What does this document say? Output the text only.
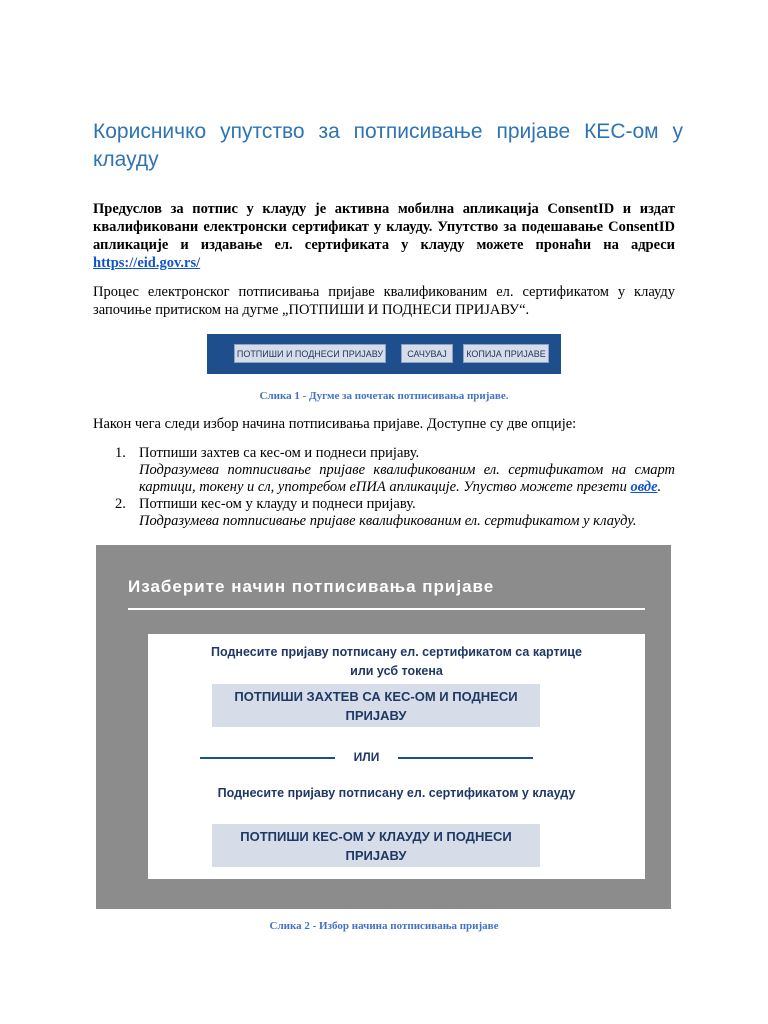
Корисничко упутство за потписивање пријаве КЕС-ом у
клауду

Предуслов за потпис у клауду је активна мобилна апликација ConsentID и издат квалификовани електронски сертификат у клауду. Упутство за подешавање ConsentID апликације и издавање ел. сертификата у клауду можете пронаћи на адреси https://eid.gov.rs/

Процес електронског потписивања пријаве квалификованим ел. сертификатом у клауду започиње притиском на дугме „ПОТПИШИ И ПОДНЕСИ ПРИЈАВУ“.

ПОТПИШИ И ПОДНЕСИ ПРИЈАВУ	САЧУВАЈ	КОПИЈА ПРИЈАВЕ

Слика 1 - Дугме за почетак потписивања пријаве.

Након чега следи избор начина потписивања пријаве. Доступне су две опције:

1. Потпиши захтев са кес-ом и поднеси пријаву.
Подразумева потписивање пријаве квалификованим ел. сертификатом на смарт картици, токену и сл, употребом еПИА апликације. Упуство можете презети овде.
2. Потпиши кес-ом у клауду и поднеси пријаву.
Подразумева потписивање пријаве квалификованим ел. сертификатом у клауду.
Изаберите начин потписивања пријаве
Поднесите пријаву потписану ел. сертификатом са картице или усб токена
ПОТПИШИ ЗАХТЕВ СА КЕС-ОМ И ПОДНЕСИ ПРИЈАВУ
ИЛИ
Поднесите пријаву потписану ел. сертификатом у клауду
ПОТПИШИ КЕС-ОМ У КЛАУДУ И ПОДНЕСИ ПРИЈАВУ

Слика 2 - Избор начина потписивања пријаве
